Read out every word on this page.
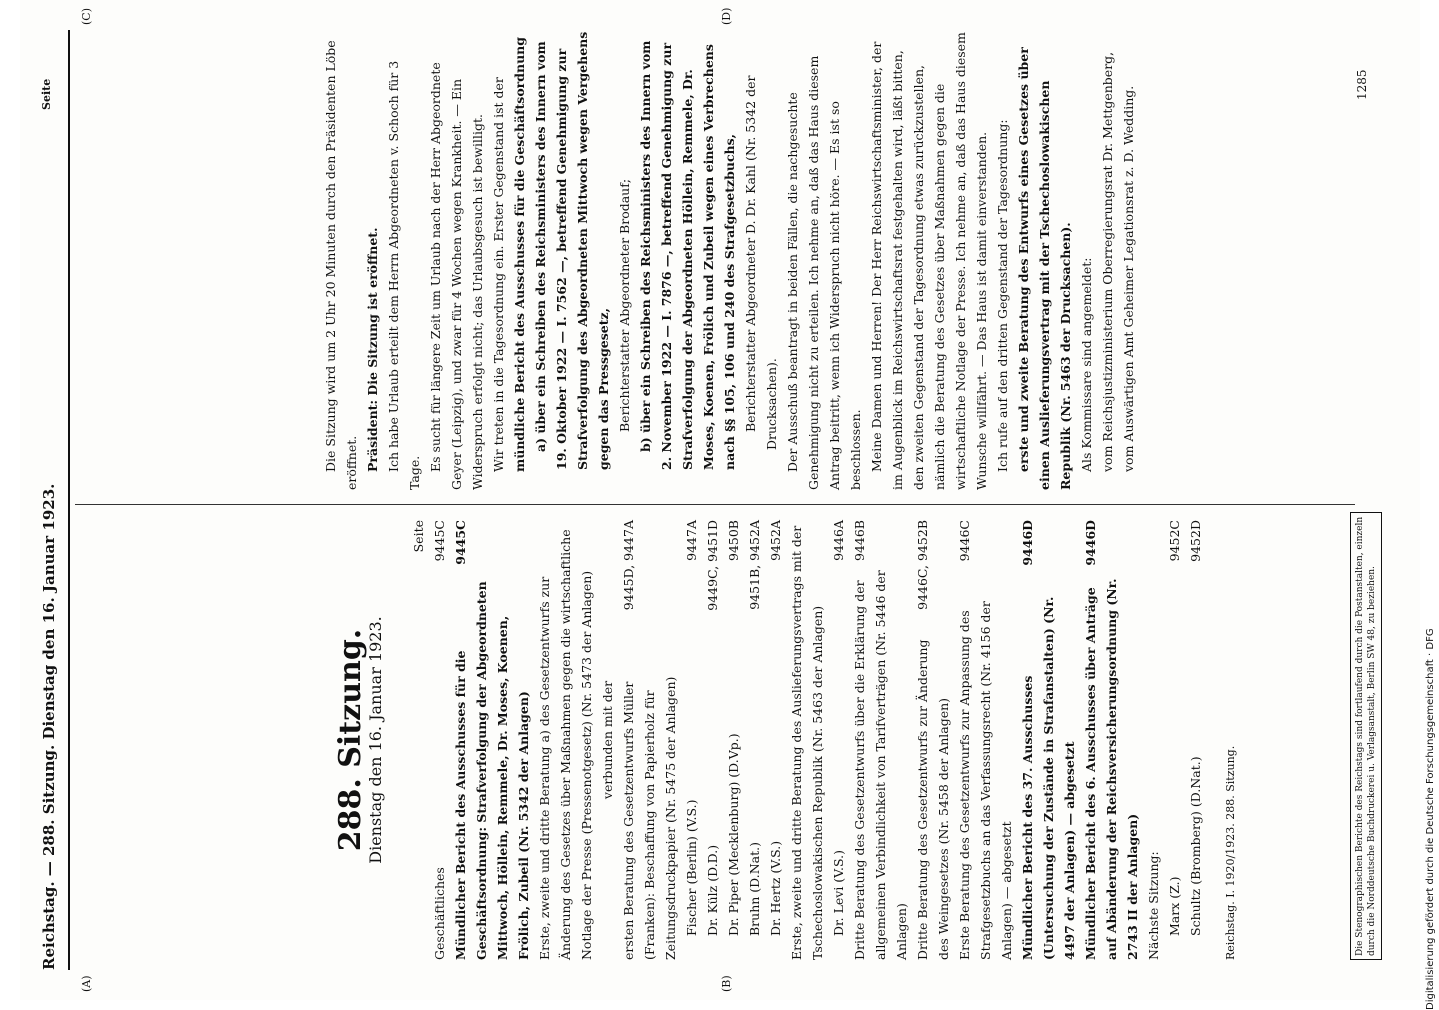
Reichstag. — 288. Sitzung. Dienstag den 16. Januar 1923.
Seite
(A)	(B)
(C)	(D)
288. Sitzung.
Dienstag den 16. Januar 1923.
Seite
Geschäftliches
9445C
Mündlicher Bericht des Ausschusses für die Geschäftsordnung: Strafverfolgung der Abgeordneten Mittwoch, Höllein, Remmele, Dr. Moses, Koenen, Frölich, Zubeil (Nr. 5342 der Anlagen)
9445C
Erste, zweite und dritte Beratung a) des Gesetzentwurfs zur Änderung des Gesetzes über Maßnahmen gegen die wirtschaftliche Notlage der Presse (Pressenotgesetz) (Nr. 5473 der Anlagen) verbunden mit der ersten Beratung des Gesetzentwurfs Müller (Franken): Beschaffung von Papierholz für Zeitungsdruckpapier (Nr. 5475 der Anlagen)
9445D, 9447A
Fischer (Berlin) (V.S.)
9447A
Dr. Külz (D.D.)
9449C, 9451D
Dr. Piper (Mecklenburg) (D.Vp.)
9450B
Bruhn (D.Nat.)
9451B, 9452A
Dr. Hertz (V.S.)
9452A Erste, zweite und dritte Beratung des Auslieferungsvertrags mit der Tschechoslowakischen Republik (Nr. 5463 der Anlagen) Dr. Levi (V.S.)
9446A
Dritte Beratung des Gesetzentwurfs über die Erklärung der allgemeinen Verbindlichkeit von Tarifverträgen (Nr. 5446 der Anlagen)
9446B
Dritte Beratung des Gesetzentwurfs zur Änderung des Weingesetzes (Nr. 5458 der Anlagen)
9446C, 9452B
Erste Beratung des Gesetzentwurfs zur Anpassung des Strafgesetzbuchs an das Verfassungsrecht (Nr. 4156 der Anlagen) — abgesetzt
9446C
Mündlicher Bericht des 37. Ausschusses (Untersuchung der Zustände in Strafanstalten) (Nr. 4497 der Anlagen) — abgesetzt
9446D
Mündlicher Bericht des 6. Ausschusses über Anträge auf Abänderung der Reichsversicherungsordnung (Nr. 2743 II der Anlagen)
9446D
Nächste Sitzung: Marx (Z.)
9452C
Schultz (Bromberg) (D.Nat.)
9452D

Reichstag. I. 1920/1923. 288. Sitzung.

Die Sitzung wird um 2 Uhr 20 Minuten durch den Präsidenten Löbe eröffnet. Präsident: Die Sitzung ist eröffnet. Ich habe Urlaub erteilt dem Herrn Abgeordneten v. Schoch für 3 Tage.

Es sucht für längere Zeit um Urlaub nach der Herr Abgeordnete Geyer (Leipzig), und zwar für 4 Wochen wegen Krankheit. — Ein Widerspruch erfolgt nicht; das Urlaubsgesuch ist bewilligt. Wir treten in die Tagesordnung ein. Erster Gegenstand ist der mündliche Bericht des Ausschusses für die Geschäftsordnung a) über ein Schreiben des Reichsministers des Innern vom 19. Oktober 1922 — I. 7562 —, betreffend Genehmigung zur Strafverfolgung des Abgeordneten Mittwoch wegen Vergehens gegen das Pressgesetz, Berichterstatter Abgeordneter Brodauf; b) über ein Schreiben des Reichsministers des Innern vom 2. November 1922 — I. 7876 —, betreffend Genehmigung zur Strafverfolgung der Abgeordneten Höllein, Remmele, Dr. Moses, Koenen, Frölich und Zubeil wegen eines Verbrechens nach §§ 105, 106 und 240 des Strafgesetzbuchs, Berichterstatter Abgeordneter D. Dr. Kahl (Nr. 5342 der Drucksachen). Der Ausschuß beantragt in beiden Fällen, die nachgesuchte Genehmigung nicht zu erteilen. Ich nehme an, daß das Haus diesem Antrag beitritt, wenn ich Widerspruch nicht höre. — Es ist so beschlossen. Meine Damen und Herren! Der Herr Reichswirtschaftsminister, der im Augenblick im Reichswirtschaftsrat festgehalten wird, läßt bitten, den zweiten Gegenstand der Tagesordnung etwas zurückzustellen, nämlich die Beratung des Gesetzes über Maßnahmen gegen die wirtschaftliche Notlage der Presse. Ich nehme an, daß das Haus diesem Wunsche willfährt. — Das Haus ist damit einverstanden. Ich rufe auf den dritten Gegenstand der Tagesordnung: erste und zweite Beratung des Entwurfs eines Gesetzes über einen Auslieferungsvertrag mit der Tschechoslowakischen Republik (Nr. 5463 der Drucksachen). Als Kommissare sind angemeldet: vom Reichsjustizministerium Oberregierungsrat Dr. Mettgenberg, vom Auswärtigen Amt Geheimer Legationsrat z. D. Wedding.

Die Stenographischen Berichte des Reichstags sind fortlaufend durch die Postanstalten, einzeln durch die Norddeutsche Buchdruckerei u. Verlagsanstalt, Berlin SW 48, zu beziehen.
1285
Digitalisierung gefördert durch die Deutsche Forschungsgemeinschaft · DFG
